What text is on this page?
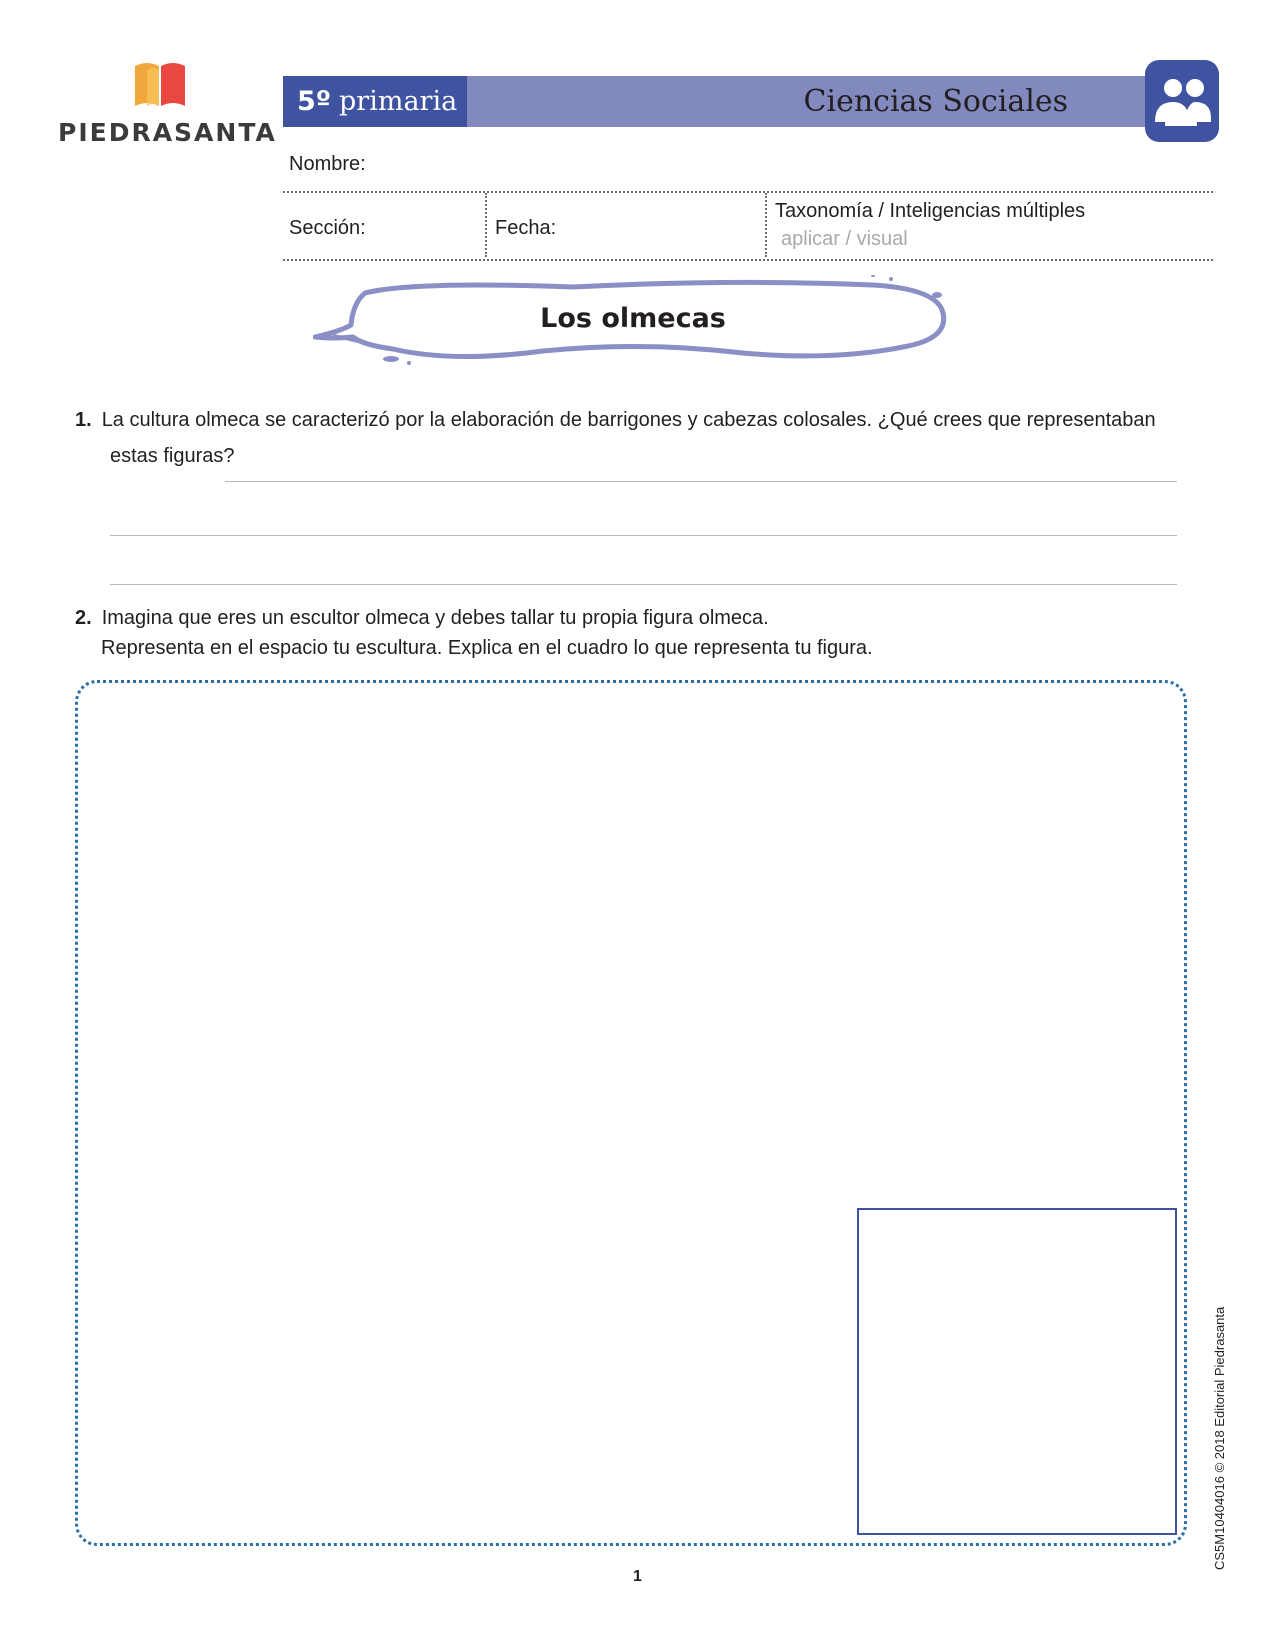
PIEDRASANTA
5º primaria	Ciencias Sociales
Nombre:
Sección:	Fecha:
Taxonomía / Inteligencias múltiples
aplicar / visual
Los olmecas
1. La cultura olmeca se caracterizó por la elaboración de barrigones y cabezas colosales. ¿Qué crees que representaban
estas figuras?
2. Imagina que eres un escultor olmeca y debes tallar tu propia figura olmeca.
Representa en el espacio tu escultura. Explica en el cuadro lo que representa tu figura.
1
CS5M10404016 © 2018 Editorial Piedrasanta
